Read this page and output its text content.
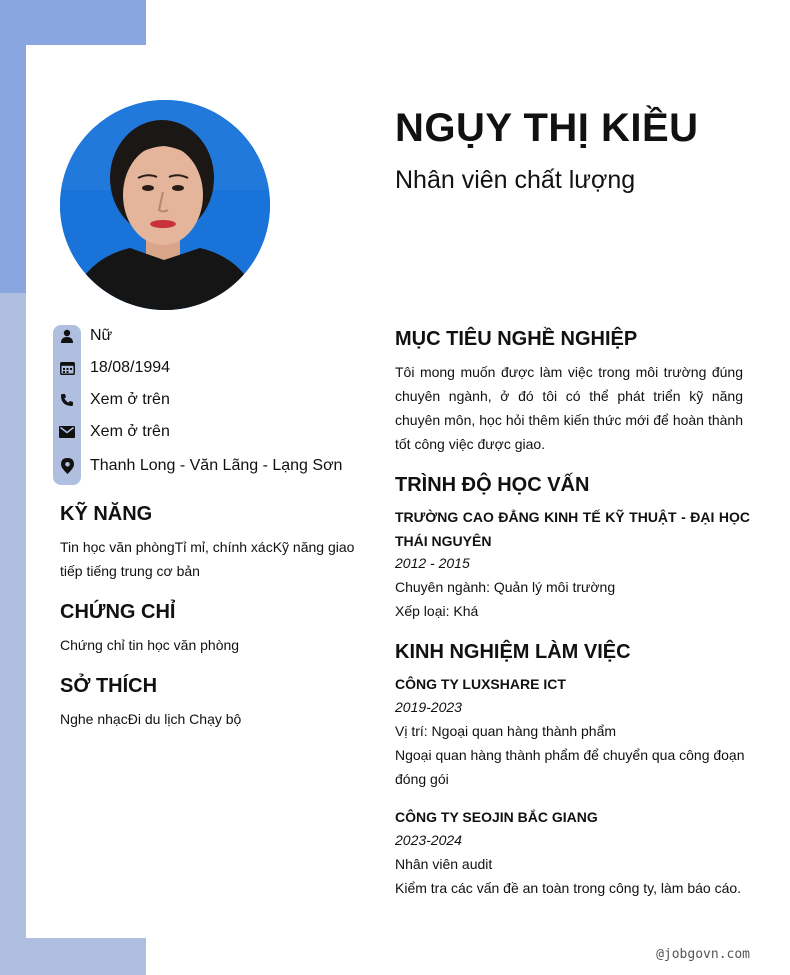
NGỤY THỊ KIỀU
Nhân viên chất lượng
Nữ
18/08/1994
Xem ở trên
Xem ở trên
Thanh Long - Văn Lãng - Lạng Sơn
KỸ NĂNG

Tin học văn phòngTỉ mỉ, chính xácKỹ năng giao tiếp tiếng trung cơ bản

CHỨNG CHỈ

Chứng chỉ tin học văn phòng

SỞ THÍCH

Nghe nhạcĐi du lịch Chạy bộ

MỤC TIÊU NGHỀ NGHIỆP

Tôi mong muốn được làm việc trong môi trường đúng chuyên ngành, ở đó tôi có thể phát triển kỹ năng chuyên môn, học hỏi thêm kiến thức mới để hoàn thành tốt công việc được giao.

TRÌNH ĐỘ HỌC VẤN

TRƯỜNG CAO ĐẲNG KINH TẾ KỸ THUẬT - ĐẠI HỌC THÁI NGUYÊN

2012 - 2015

Chuyên ngành: Quản lý môi trường

Xếp loại: Khá

KINH NGHIỆM LÀM VIỆC

CÔNG TY LUXSHARE ICT

2019-2023

Vị trí: Ngoại quan hàng thành phẩm

Ngoại quan hàng thành phẩm để chuyển qua công đoạn đóng gói

CÔNG TY SEOJIN BẮC GIANG

2023-2024

Nhân viên audit

Kiểm tra các vấn đề an toàn trong công ty, làm báo cáo.

@jobgovn.com
